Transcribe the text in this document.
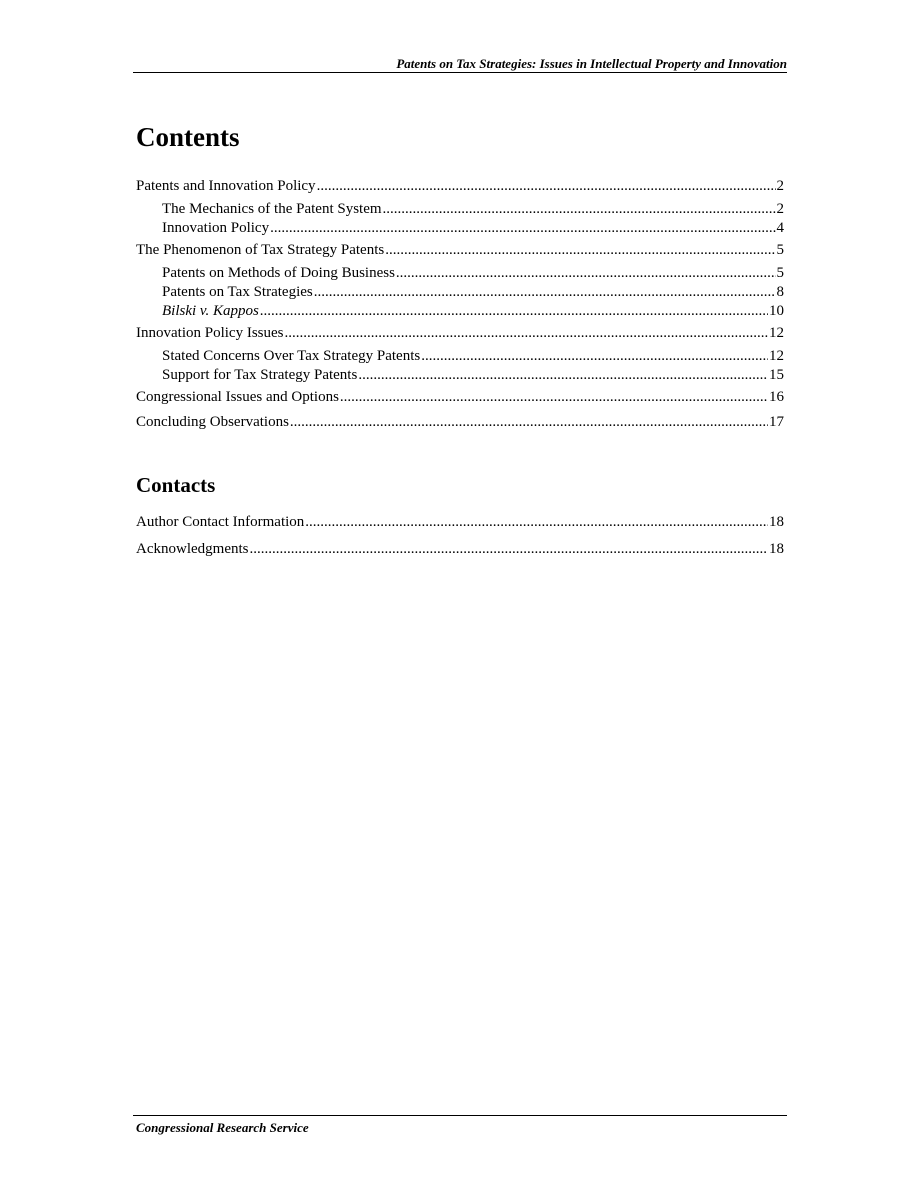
Patents on Tax Strategies: Issues in Intellectual Property and Innovation
Contents
Patents and Innovation Policy .....	2
The Mechanics of the Patent System .....	2
Innovation Policy .....	4
The Phenomenon of Tax Strategy Patents .....	5
Patents on Methods of Doing Business .....	5
Patents on Tax Strategies .....	8
Bilski v. Kappos .....	10
Innovation Policy Issues .....	12
Stated Concerns Over Tax Strategy Patents .....	12
Support for Tax Strategy Patents .....	15
Congressional Issues and Options .....	16
Concluding Observations .....	17
Contacts
Author Contact Information .....	18
Acknowledgments .....	18
Congressional Research Service
